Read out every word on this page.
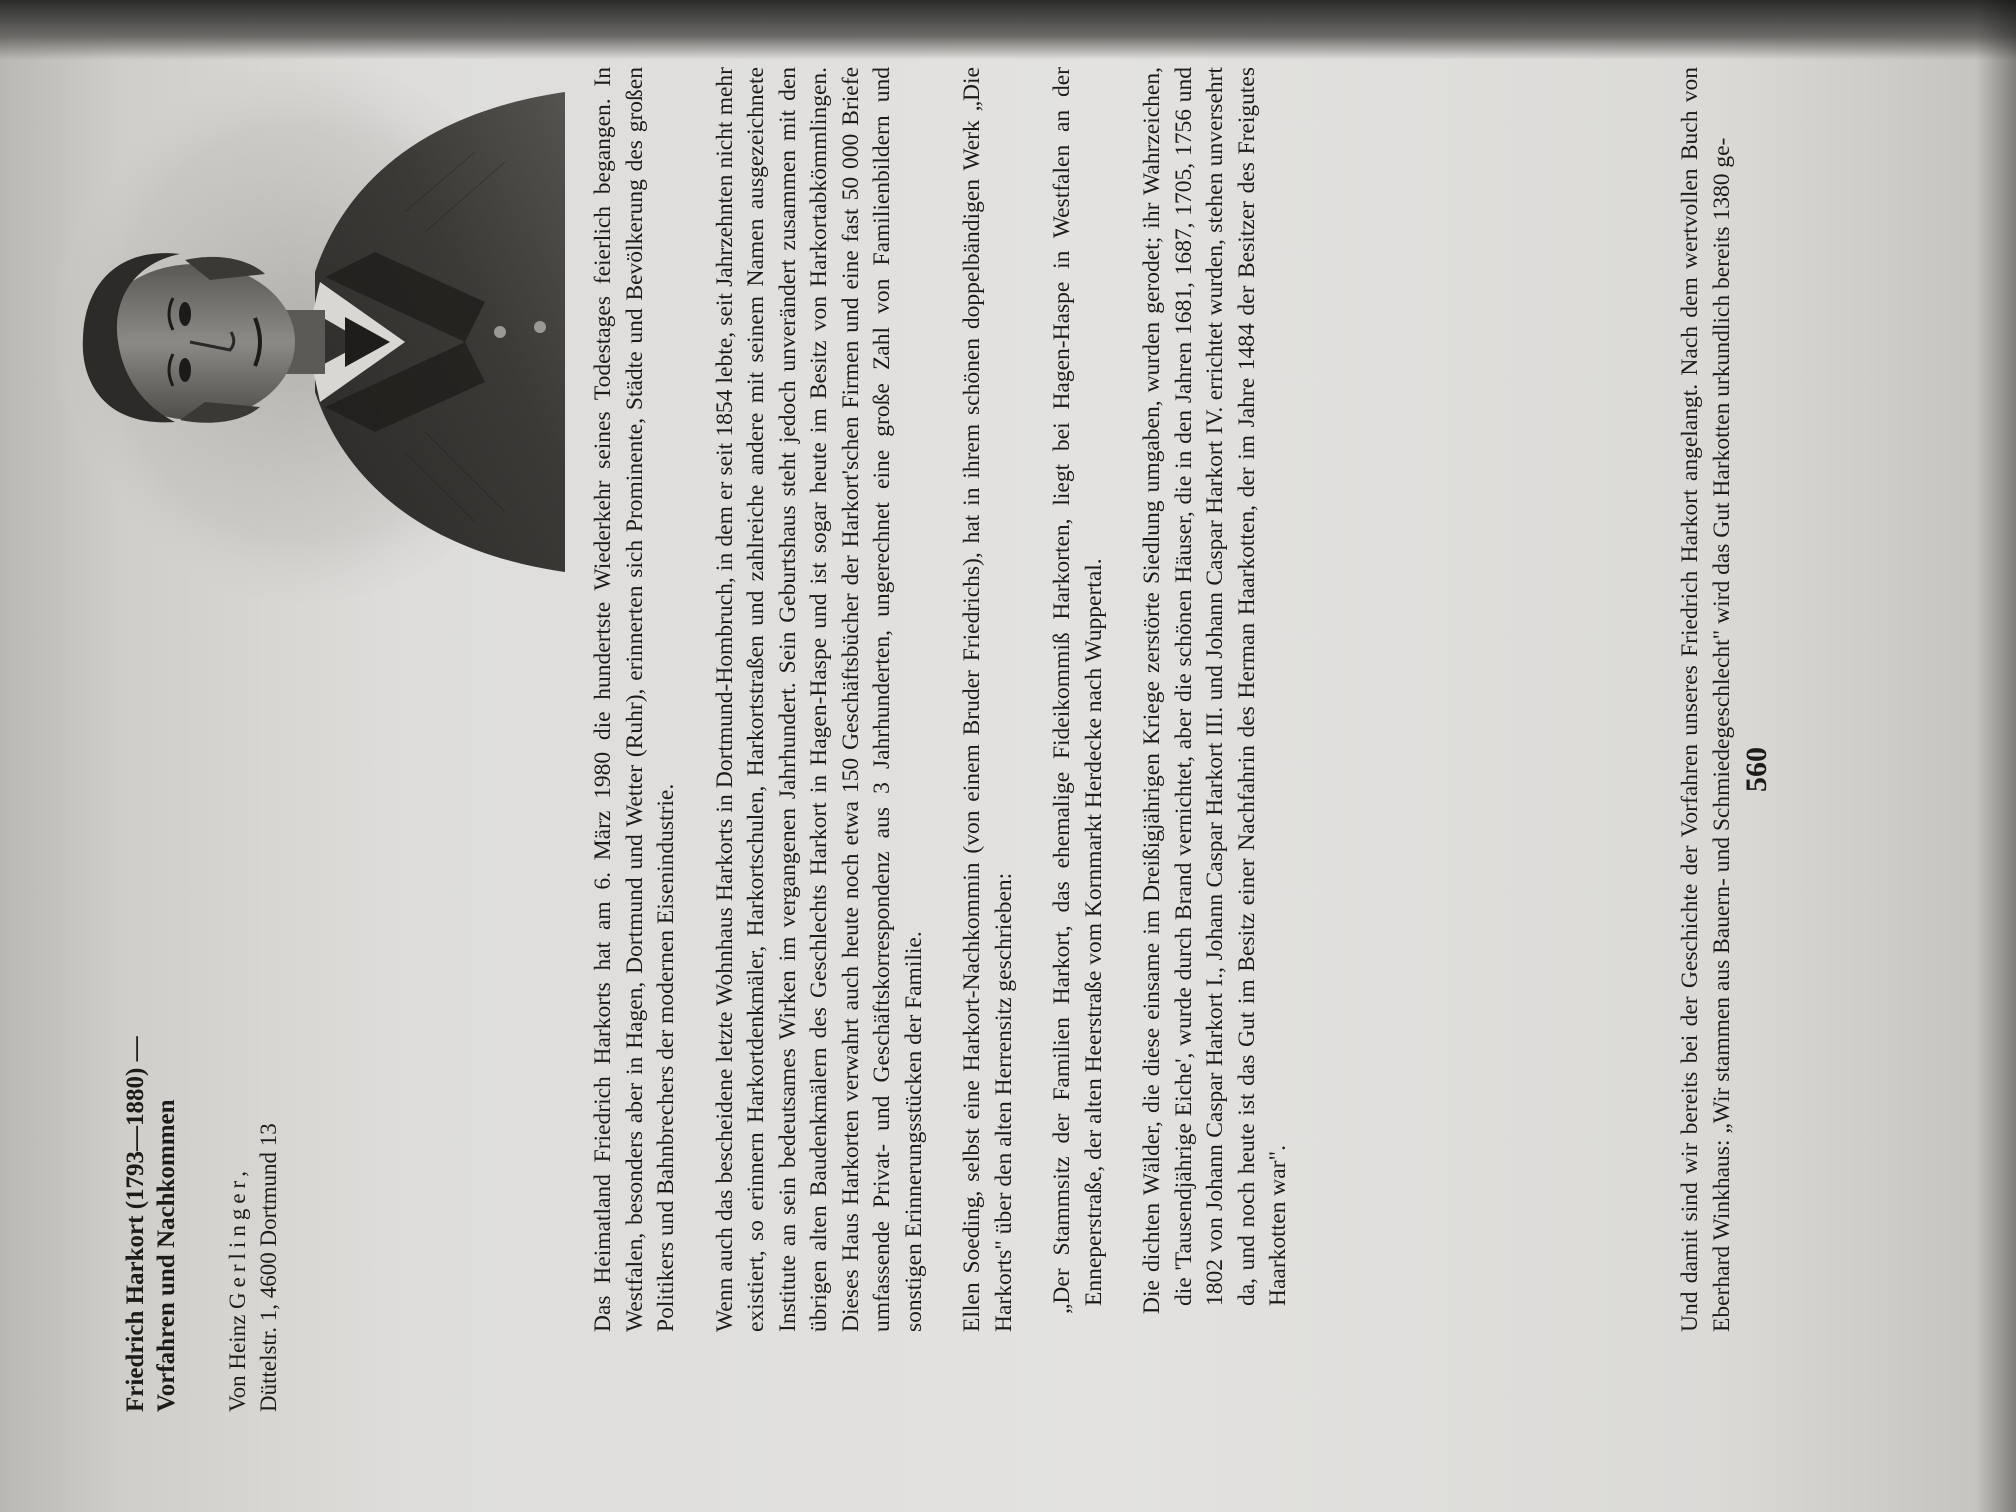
Friedrich Harkort (1793—1880) — Vorfahren und Nachkommen Von Heinz Gerlinger, Düttelstr. 1, 4600 Dortmund 13	Das Heimatland Friedrich Harkorts hat am 6. März 1980 die hundertste Wiederkehr seines Todestages feierlich begangen. In Westfalen, besonders aber in Hagen, Dortmund und Wetter (Ruhr), erinnerten sich Prominente, Städte und Bevölkerung des großen Politikers und Bahnbrechers der modernen Eisenindustrie. Wenn auch das bescheidene letzte Wohnhaus Harkorts in Dortmund-Hombruch, in dem er seit 1854 lebte, seit Jahrzehnten nicht mehr existiert, so erinnern Harkortdenkmäler, Harkortschulen, Harkortstraßen und zahlreiche andere mit seinem Namen ausgezeichnete Institute an sein bedeutsames Wirken im vergangenen Jahrhundert. Sein Geburtshaus steht jedoch unverändert zusammen mit den übrigen alten Baudenkmälern des Geschlechts Harkort in Hagen-Haspe und ist sogar heute im Besitz von Harkortabkömmlingen. Dieses Haus Harkorten verwahrt auch heute noch etwa 150 Geschäftsbücher der Harkort'schen Firmen und eine fast 50 000 Briefe umfassende Privat- und Geschäftskorrespondenz aus 3 Jahrhunderten, ungerechnet eine große Zahl von Familienbildern und sonstigen Erinnerungsstücken der Familie. Ellen Soeding, selbst eine Harkort-Nachkommin (von einem Bruder Friedrichs), hat in ihrem schönen doppelbändigen Werk „Die Harkorts" über den alten Herrensitz geschrieben: „Der Stammsitz der Familien Harkort, das ehemalige Fideikommiß Harkorten, liegt bei Hagen-Haspe in Westfalen an der Enneperstraße, der alten Heerstraße vom Kornmarkt Herdecke nach Wuppertal. Die dichten Wälder, die diese einsame im Dreißigjährigen Kriege zerstörte Siedlung umgaben, wurden gerodet; ihr Wahrzeichen, die 'Tausendjährige Eiche', wurde durch Brand vernichtet, aber die schönen Häuser, die in den Jahren 1681, 1687, 1705, 1756 und 1802 von Johann Caspar Harkort I., Johann Caspar Harkort III. und Johann Caspar Harkort IV. errichtet wurden, stehen unversehrt da, und noch heute ist das Gut im Besitz einer Nachfahrin des Herman Haarkotten, der im Jahre 1484 der Besitzer des Freigutes Haarkotten war".

560

Und damit sind wir bereits bei der Geschichte der Vorfahren unseres Friedrich Harkort angelangt. Nach dem wertvollen Buch von Eberhard Winkhaus: „Wir stammen aus Bauern- und Schmiedegeschlecht" wird das Gut Harkotten urkundlich bereits 1380 ge-
